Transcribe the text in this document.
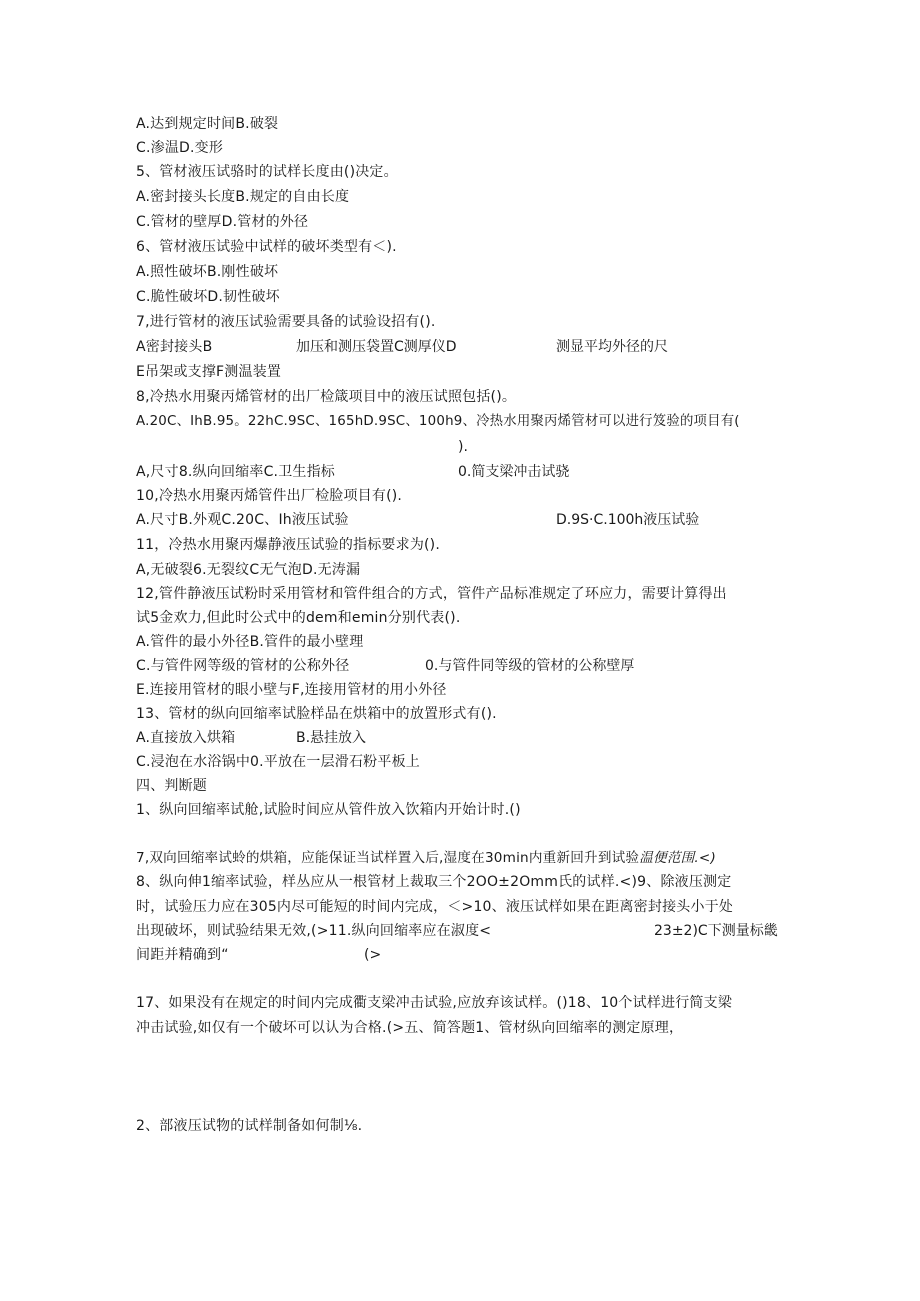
A.达到规定时间B.破裂
C.渗温D.变形
5、管材液压试骆时的试样长度由()决定。
A.密封接头长度B.规定的自由长度
C.管材的壁厚D.管材的外径
6、管材液压试验中试样的破坏类型有＜).
A.照性破坏B.刚性破坏
C.脆性破坏D.韧性破坏
7,进行管材的液压试验需要具备的试验设招有().
A密封接头B	加压和测压袋置C测厚仪D	测显平均外径的尺
E吊架或支撑F测温装置
8,冷热水用聚丙烯管材的出厂检箴项目中的液压试照包括()。
A.20C、IhB.95。22hC.9SC、165hD.9SC、100h9、冷热水用聚丙烯管材可以进行笈验的项目有(
).
A,尺寸8.纵向回缩率C.卫生指标	0.简支梁冲击试骁
10,冷热水用聚丙烯管件出厂检脸项目有().
A.尺寸B.外观C.20C、Ih液压试验	D.9S·C.100h液压试验
11，冷热水用聚丙爆静液压试验的指标要求为().
A,无破裂6.无裂纹C无气泡D.无涛漏
12,管件静液压试粉时采用管材和管件组合的方式，管件产品标准规定了环应力，需要计算得出
试5金欢力,但此时公式中的dem和emin分别代表().
A.管件的最小外径B.管件的最小壁理
C.与管件网等级的管材的公称外径	0.与管件同等级的管材的公称壁厚
E.连接用管材的眼小壁与F,连接用管材的用小外径
13、管材的纵向回缩率试脸样品在烘箱中的放置形式有().
A.直接放入烘箱	B.悬挂放入
C.浸泡在水浴锅中0.平放在一层滑石粉平板上
四、判断题
1、纵向回缩率试舱,试脸时间应从管件放入饮箱内开始计时.()
7,双向回缩率试蛉的烘箱，应能保证当试样置入后,湿度在30min内重新回升到试验温便范围.<)
8、纵向伸1缩率试验，样丛应从一根管材上裁取三个2OO±2Omm氏的试样.<)9、除液压测定
时，试验压力应在305内尽可能短的时间内完成，＜>10、液压试样如果在距离密封接头小于处
出现破坏，则试验结果无效,(>11.纵向回缩率应在淑度<	23±2)C下测量标畿
间距并精确到“	(>
17、如果没有在规定的时间内完成衢支梁冲击试验,应放弃该试样。()18、10个试样进行简支梁
冲击试验,如仅有一个破坏可以认为合格.(>五、简答题1、管材纵向回缩率的测定原理，
2、部液压试物的试样制备如何制⅛.
